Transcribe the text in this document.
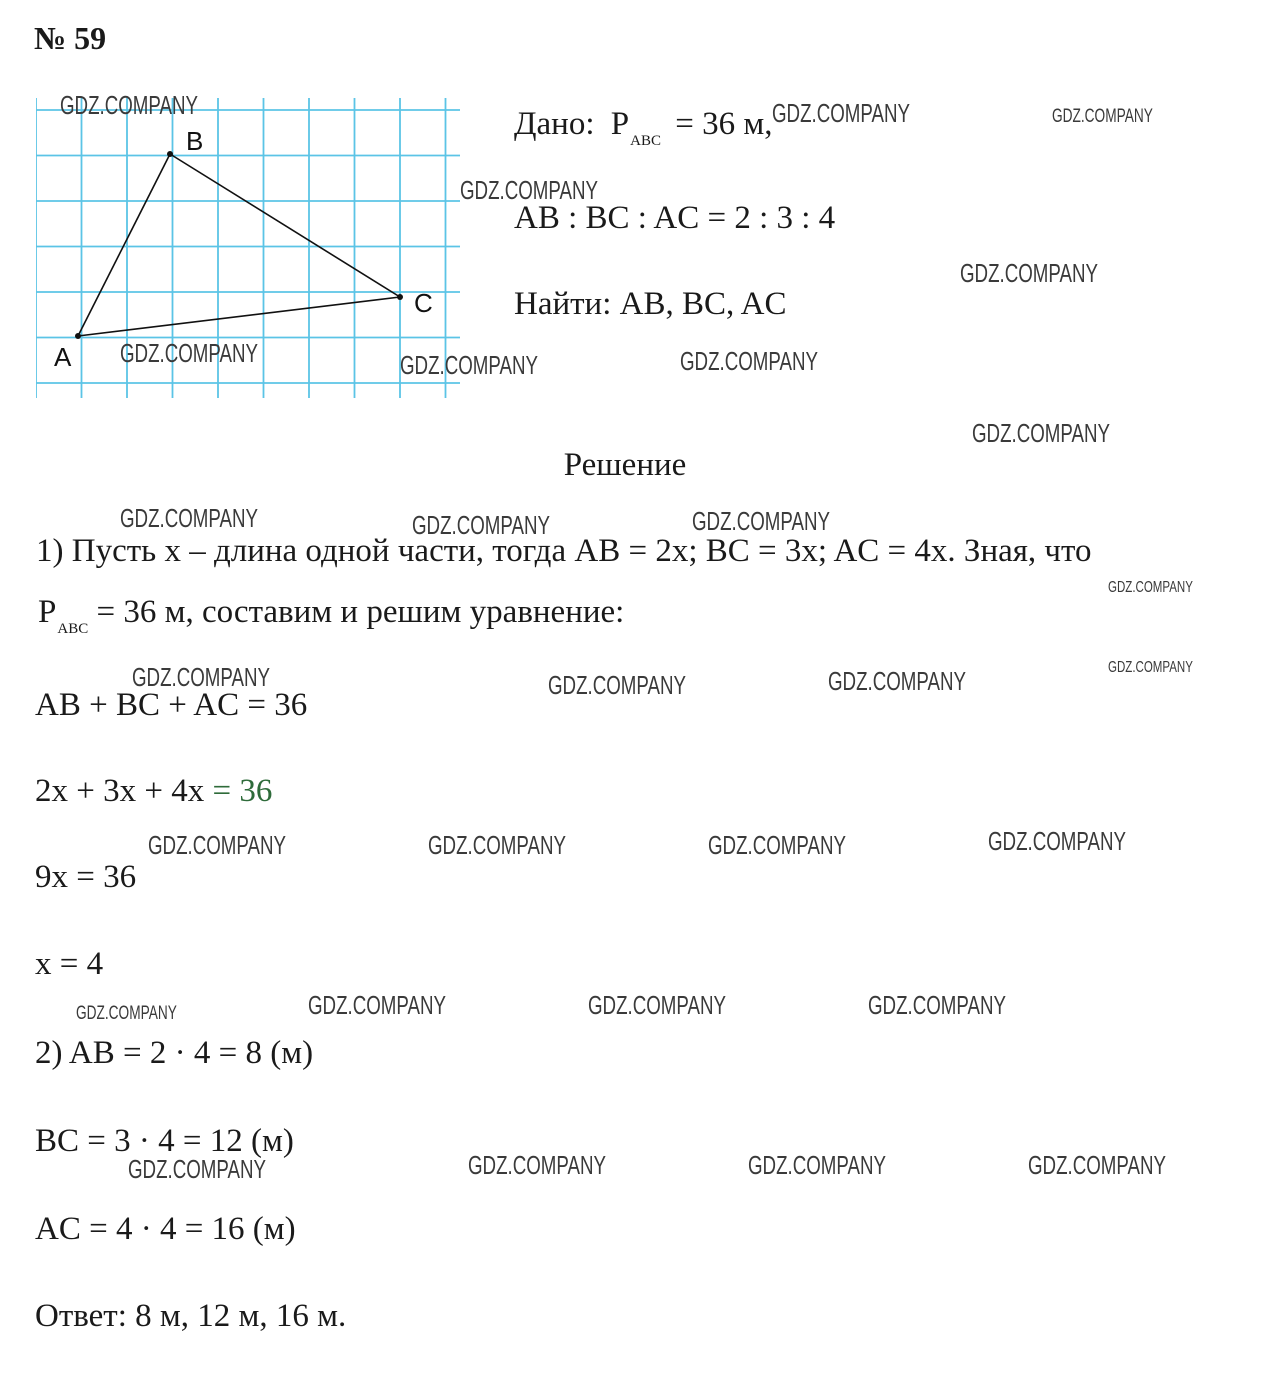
№ 59
A
B
C
Дано: $P_{ABC} = 36$ м,
AB : BC : AC = 2 : 3 : 4
Найти: AB, BC, AC
Решение
1) Пусть x – длина одной части, тогда AB = 2x; BC = 3x; AC = 4x. Зная, что
$P_{ABC} = 36$ м, составим и решим уравнение:
AB + BC + AC = 36
2x + 3x + 4x = 36
9x = 36
x = 4
2) AB = 2 · 4 = 8 (м)
BC = 3 · 4 = 12 (м)
AC = 4 · 4 = 16 (м)
Ответ: 8 м, 12 м, 16 м.
GDZ.COMPANY	GDZ.COMPANY	GDZ.COMPANY
GDZ.COMPANY
GDZ.COMPANY
GDZ.COMPANY	GDZ.COMPANY	GDZ.COMPANY
GDZ.COMPANY
GDZ.COMPANY	GDZ.COMPANY	GDZ.COMPANY
GDZ.COMPANY
GDZ.COMPANY	GDZ.COMPANY	GDZ.COMPANY	GDZ.COMPANY
GDZ.COMPANY	GDZ.COMPANY	GDZ.COMPANY	GDZ.COMPANY
GDZ.COMPANY	GDZ.COMPANY	GDZ.COMPANY	GDZ.COMPANY
GDZ.COMPANY	GDZ.COMPANY	GDZ.COMPANY	GDZ.COMPANY
